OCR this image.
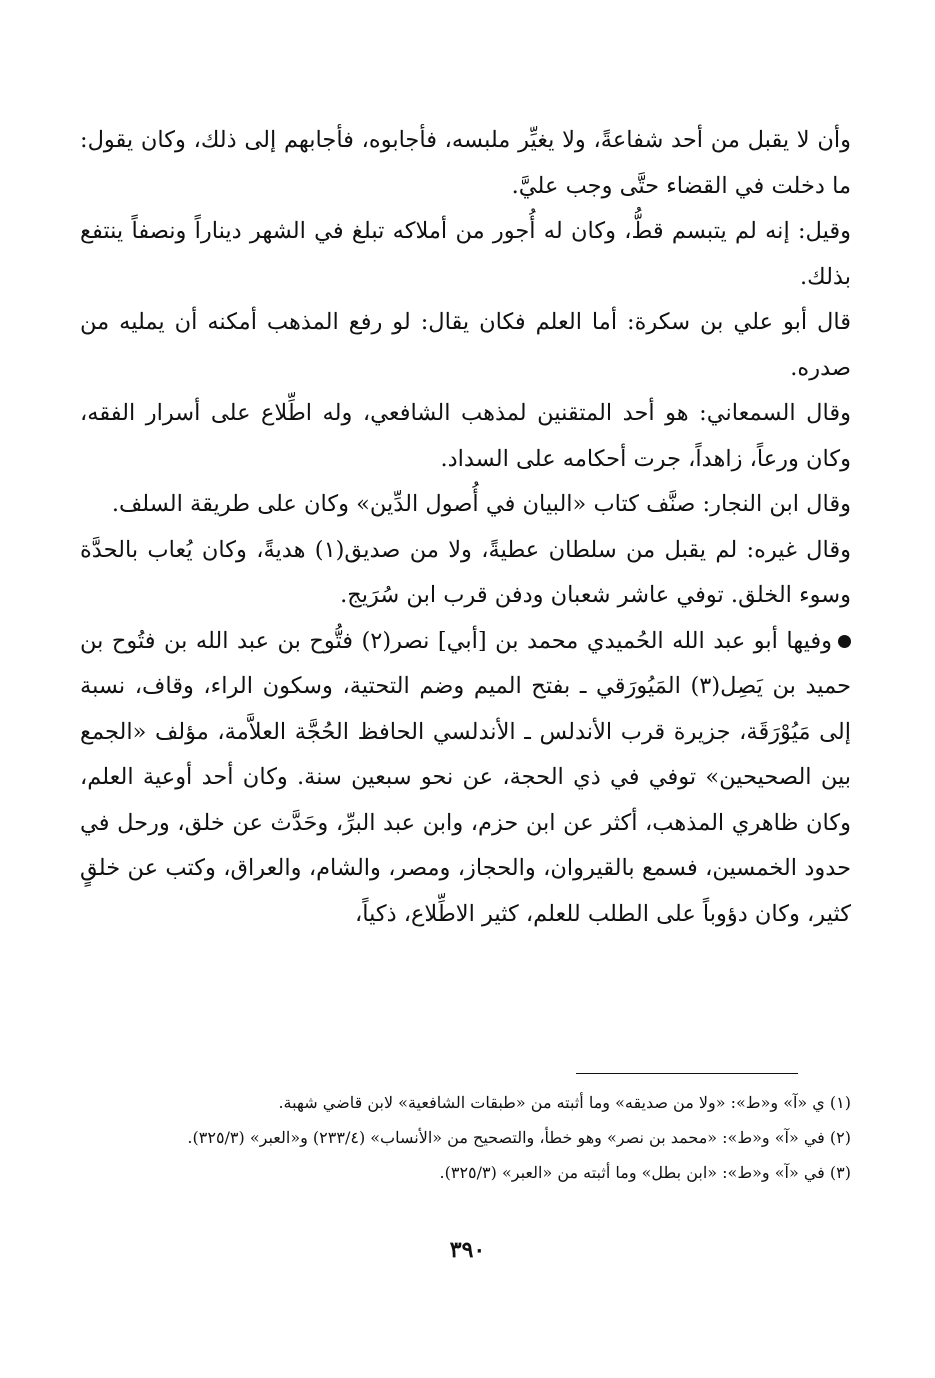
وأن لا يقبل من أحد شفاعةً، ولا يغيِّر ملبسه، فأجابوه، فأجابهم إلى ذلك، وكان يقول: ما دخلت في القضاء حتَّى وجب عليَّ.

وقيل: إنه لم يتبسم قطُّ، وكان له أُجور من أملاكه تبلغ في الشهر ديناراً ونصفاً ينتفع بذلك.

قال أبو علي بن سكرة: أما العلم فكان يقال: لو رفع المذهب أمكنه أن يمليه من صدره.

وقال السمعاني: هو أحد المتقنين لمذهب الشافعي، وله اطِّلاع على أسرار الفقه، وكان ورعاً، زاهداً، جرت أحكامه على السداد.

وقال ابن النجار: صنَّف كتاب «البيان في أُصول الدِّين» وكان على طريقة السلف.

وقال غيره: لم يقبل من سلطان عطيةً، ولا من صديق(١) هديةً، وكان يُعاب بالحدَّة وسوء الخلق. توفي عاشر شعبان ودفن قرب ابن سُرَيج.

وفيها أبو عبد الله الحُميدي محمد بن [أبي] نصر(٢) فتُّوح بن عبد الله بن فتُوح بن حميد بن يَصِل(٣) المَيُورَقي ـ بفتح الميم وضم التحتية، وسكون الراء، وقاف، نسبة إلى مَيُوْرَقَة، جزيرة قرب الأندلس ـ الأندلسي الحافظ الحُجَّة العلاَّمة، مؤلف «الجمع بين الصحيحين» توفي في ذي الحجة، عن نحو سبعين سنة. وكان أحد أوعية العلم، وكان ظاهري المذهب، أكثر عن ابن حزم، وابن عبد البرِّ، وحَدَّث عن خلق، ورحل في حدود الخمسين، فسمع بالقيروان، والحجاز، ومصر، والشام، والعراق، وكتب عن خلقٍ كثير، وكان دؤوباً على الطلب للعلم، كثير الاطِّلاع، ذكياً،

(١) ي «آ» و«ط»: «ولا من صديقه» وما أثبته من «طبقات الشافعية» لابن قاضي شهبة.

(٢) في «آ» و«ط»: «محمد بن نصر» وهو خطأ، والتصحيح من «الأنساب» (٢٣٣/٤) و«العبر» (٣٢٥/٣).

(٣) في «آ» و«ط»: «ابن بطل» وما أثبته من «العبر» (٣٢٥/٣).

٣٩٠
